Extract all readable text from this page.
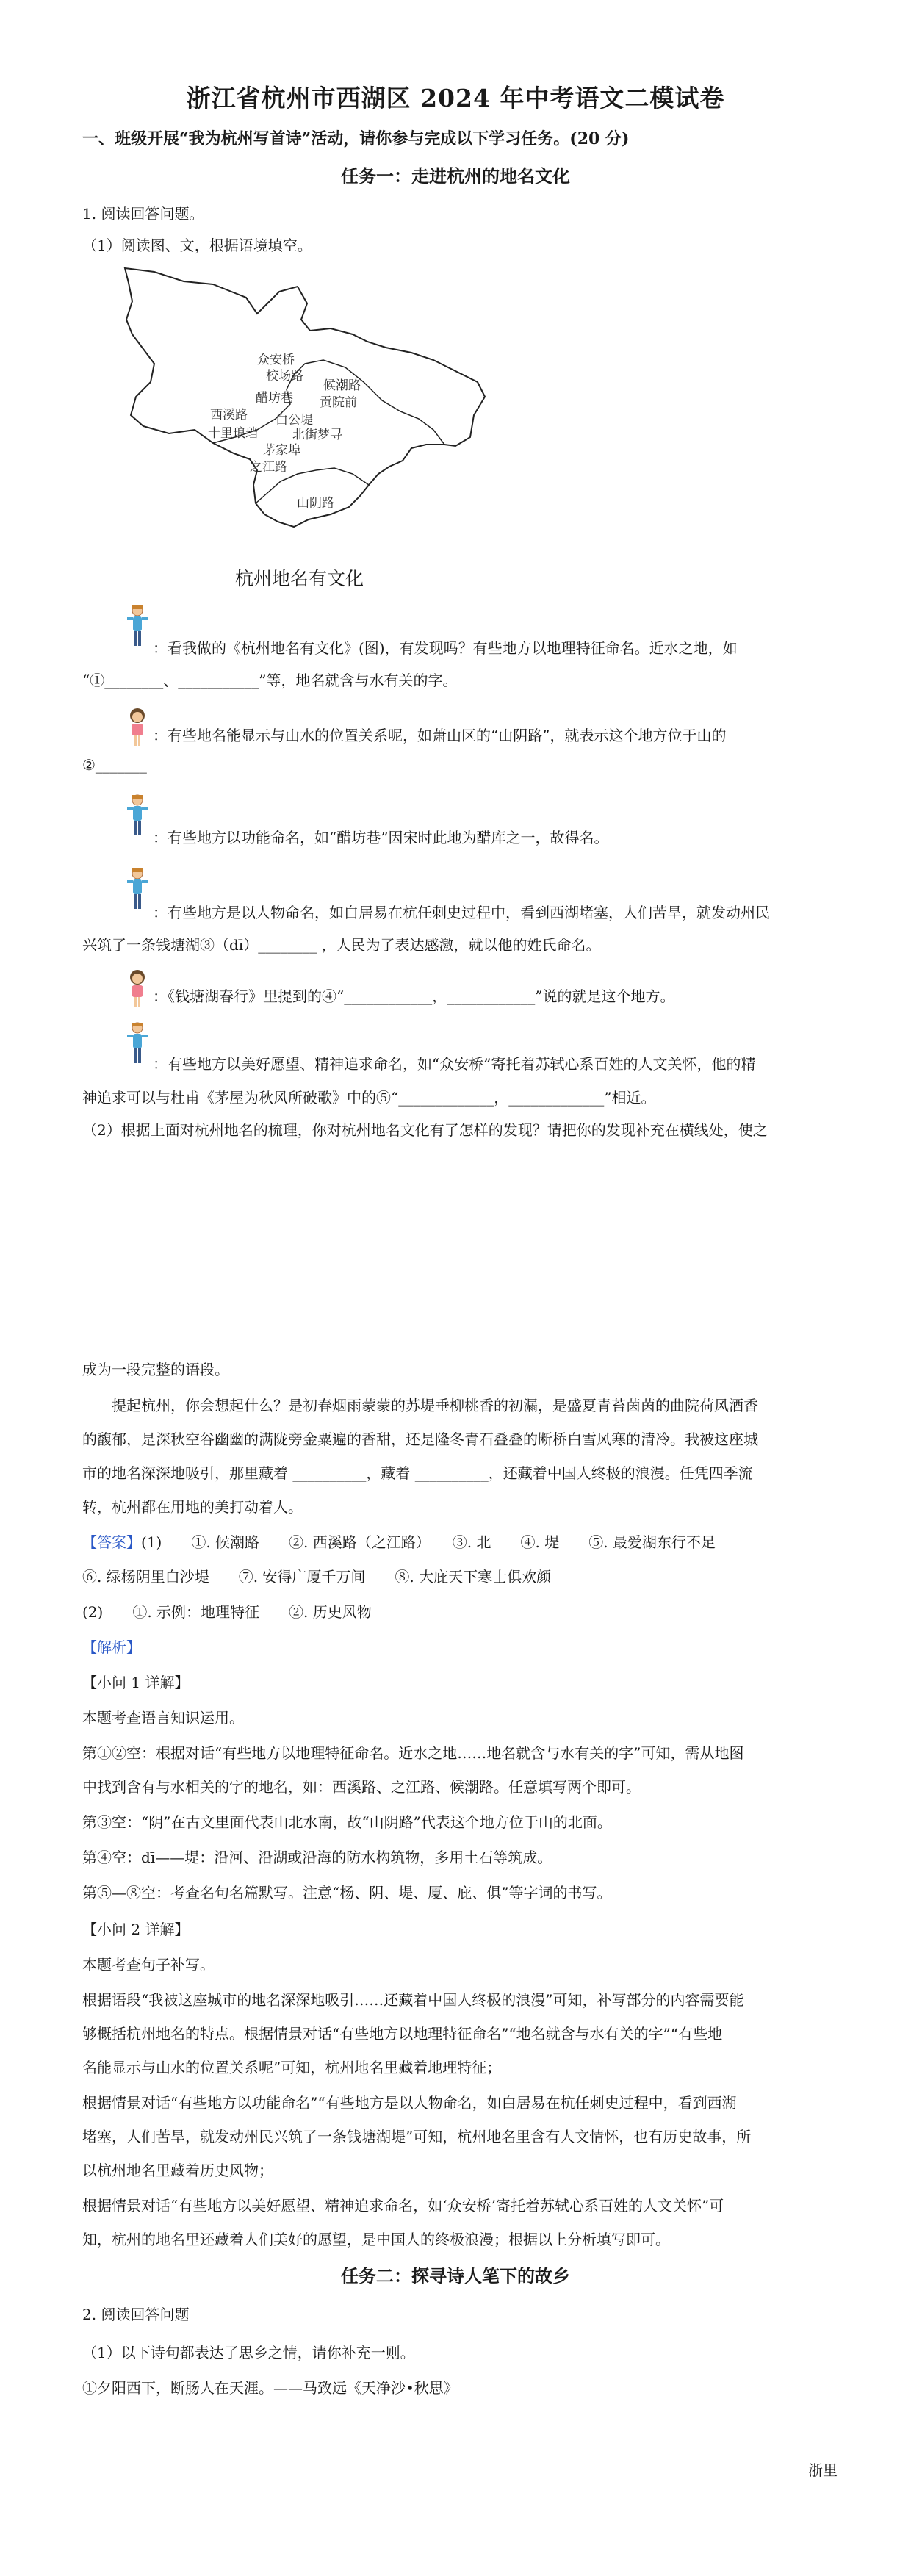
浙江省杭州市西湖区 2024 年中考语文二模试卷
一、班级开展“我为杭州写首诗”活动，请你参与完成以下学习任务。(20 分)
任务一：走进杭州的地名文化
1. 阅读回答问题。
（1）阅读图、文，根据语境填空。
众安桥
校场路
候潮路
醋坊巷 贡院前
西溪路 白公堤
十里琅珰	北街梦寻
茅家埠
之江路
山阴路
杭州地名有文化
：看我做的《杭州地名有文化》(图)，有发现吗？有些地方以地理特征命名。近水之地，如
“①________、___________”等，地名就含与水有关的字。
：有些地名能显示与山水的位置关系呢，如萧山区的“山阴路”，就表示这个地方位于山的
②_______
：有些地方以功能命名，如“醋坊巷”因宋时此地为醋库之一，故得名。
：有些地方是以人物命名，如白居易在杭任刺史过程中，看到西湖堵塞，人们苦旱，就发动州民
兴筑了一条钱塘湖③（dī）________ ，人民为了表达感激，就以他的姓氏命名。
：《钱塘湖春行》里提到的④“____________，____________”说的就是这个地方。
：有些地方以美好愿望、精神追求命名，如“众安桥”寄托着苏轼心系百姓的人文关怀，他的精
神追求可以与杜甫《茅屋为秋风所破歌》中的⑤“_____________，_____________”相近。
（2）根据上面对杭州地名的梳理，你对杭州地名文化有了怎样的发现？请把你的发现补充在横线处，使之
成为一段完整的语段。
提起杭州，你会想起什么？是初春烟雨蒙蒙的苏堤垂柳桃香的初漏，是盛夏青苔茵茵的曲院荷风酒香
的馥郁，是深秋空谷幽幽的满陇旁金粟遍的香甜，还是隆冬青石叠叠的断桥白雪风寒的清冷。我被这座城
市的地名深深地吸引，那里藏着 __________，藏着 __________，还藏着中国人终极的浪漫。任凭四季流
转，杭州都在用地的美打动着人。
【答案】(1)　　①. 候潮路　　②. 西溪路（之江路）　　③. 北　　④. 堤　　⑤. 最爱湖东行不足
⑥. 绿杨阴里白沙堤　　⑦. 安得广厦千万间　　⑧. 大庇天下寒士俱欢颜
(2)　　①. 示例：地理特征　　②. 历史风物
【解析】
【小问 1 详解】
本题考查语言知识运用。
第①②空：根据对话“有些地方以地理特征命名。近水之地……地名就含与水有关的字”可知，需从地图
中找到含有与水相关的字的地名，如：西溪路、之江路、候潮路。任意填写两个即可。
第③空：“阴”在古文里面代表山北水南，故“山阴路”代表这个地方位于山的北面。
第④空：dī——堤：沿河、沿湖或沿海的防水构筑物，多用土石等筑成。
第⑤—⑧空：考查名句名篇默写。注意“杨、阴、堤、厦、庇、俱”等字词的书写。
【小问 2 详解】
本题考查句子补写。
根据语段“我被这座城市的地名深深地吸引……还藏着中国人终极的浪漫”可知，补写部分的内容需要能
够概括杭州地名的特点。根据情景对话“有些地方以地理特征命名”“地名就含与水有关的字”“有些地
名能显示与山水的位置关系呢”可知，杭州地名里藏着地理特征；
根据情景对话“有些地方以功能命名”“有些地方是以人物命名，如白居易在杭任刺史过程中，看到西湖
堵塞，人们苦旱，就发动州民兴筑了一条钱塘湖堤”可知，杭州地名里含有人文情怀，也有历史故事，所
以杭州地名里藏着历史风物；
根据情景对话“有些地方以美好愿望、精神追求命名，如‘众安桥’寄托着苏轼心系百姓的人文关怀”可
知，杭州的地名里还藏着人们美好的愿望，是中国人的终极浪漫；根据以上分析填写即可。
任务二：探寻诗人笔下的故乡
2. 阅读回答问题
（1）以下诗句都表达了思乡之情，请你补充一则。
①夕阳西下，断肠人在天涯。——马致远《天净沙•秋思》
浙里
